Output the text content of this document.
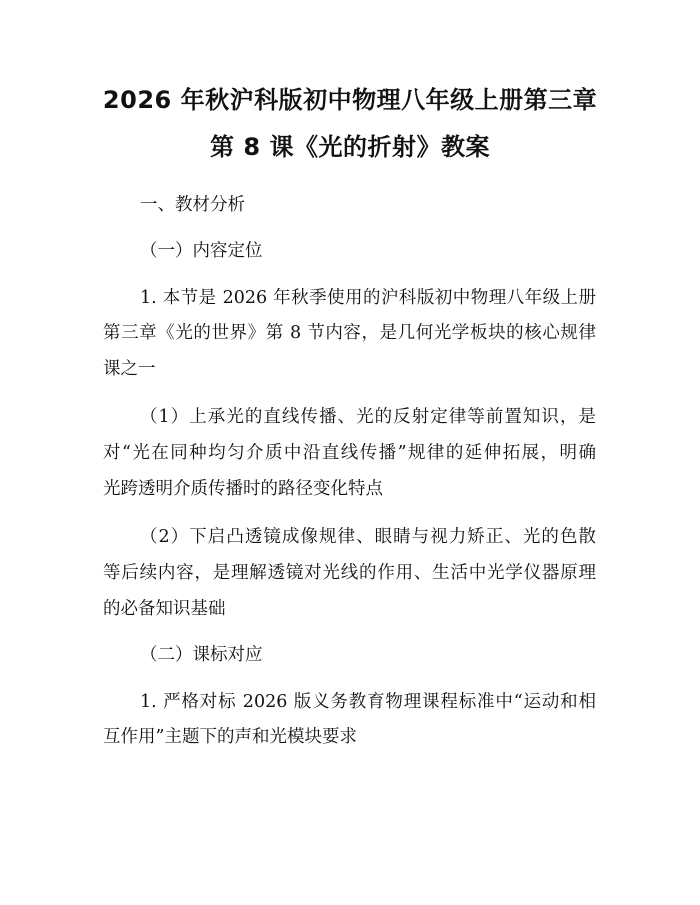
2026 年秋沪科版初中物理八年级上册第三章
第 8 课《光的折射》教案
一、教材分析
（一）内容定位
1. 本节是 2026 年秋季使用的沪科版初中物理八年级上册
第三章《光的世界》第 8 节内容，是几何光学板块的核心规律
课之一
（1）上承光的直线传播、光的反射定律等前置知识，是
对“光在同种均匀介质中沿直线传播”规律的延伸拓展，明确
光跨透明介质传播时的路径变化特点
（2）下启凸透镜成像规律、眼睛与视力矫正、光的色散
等后续内容，是理解透镜对光线的作用、生活中光学仪器原理
的必备知识基础
（二）课标对应
1. 严格对标 2026 版义务教育物理课程标准中“运动和相
互作用”主题下的声和光模块要求
